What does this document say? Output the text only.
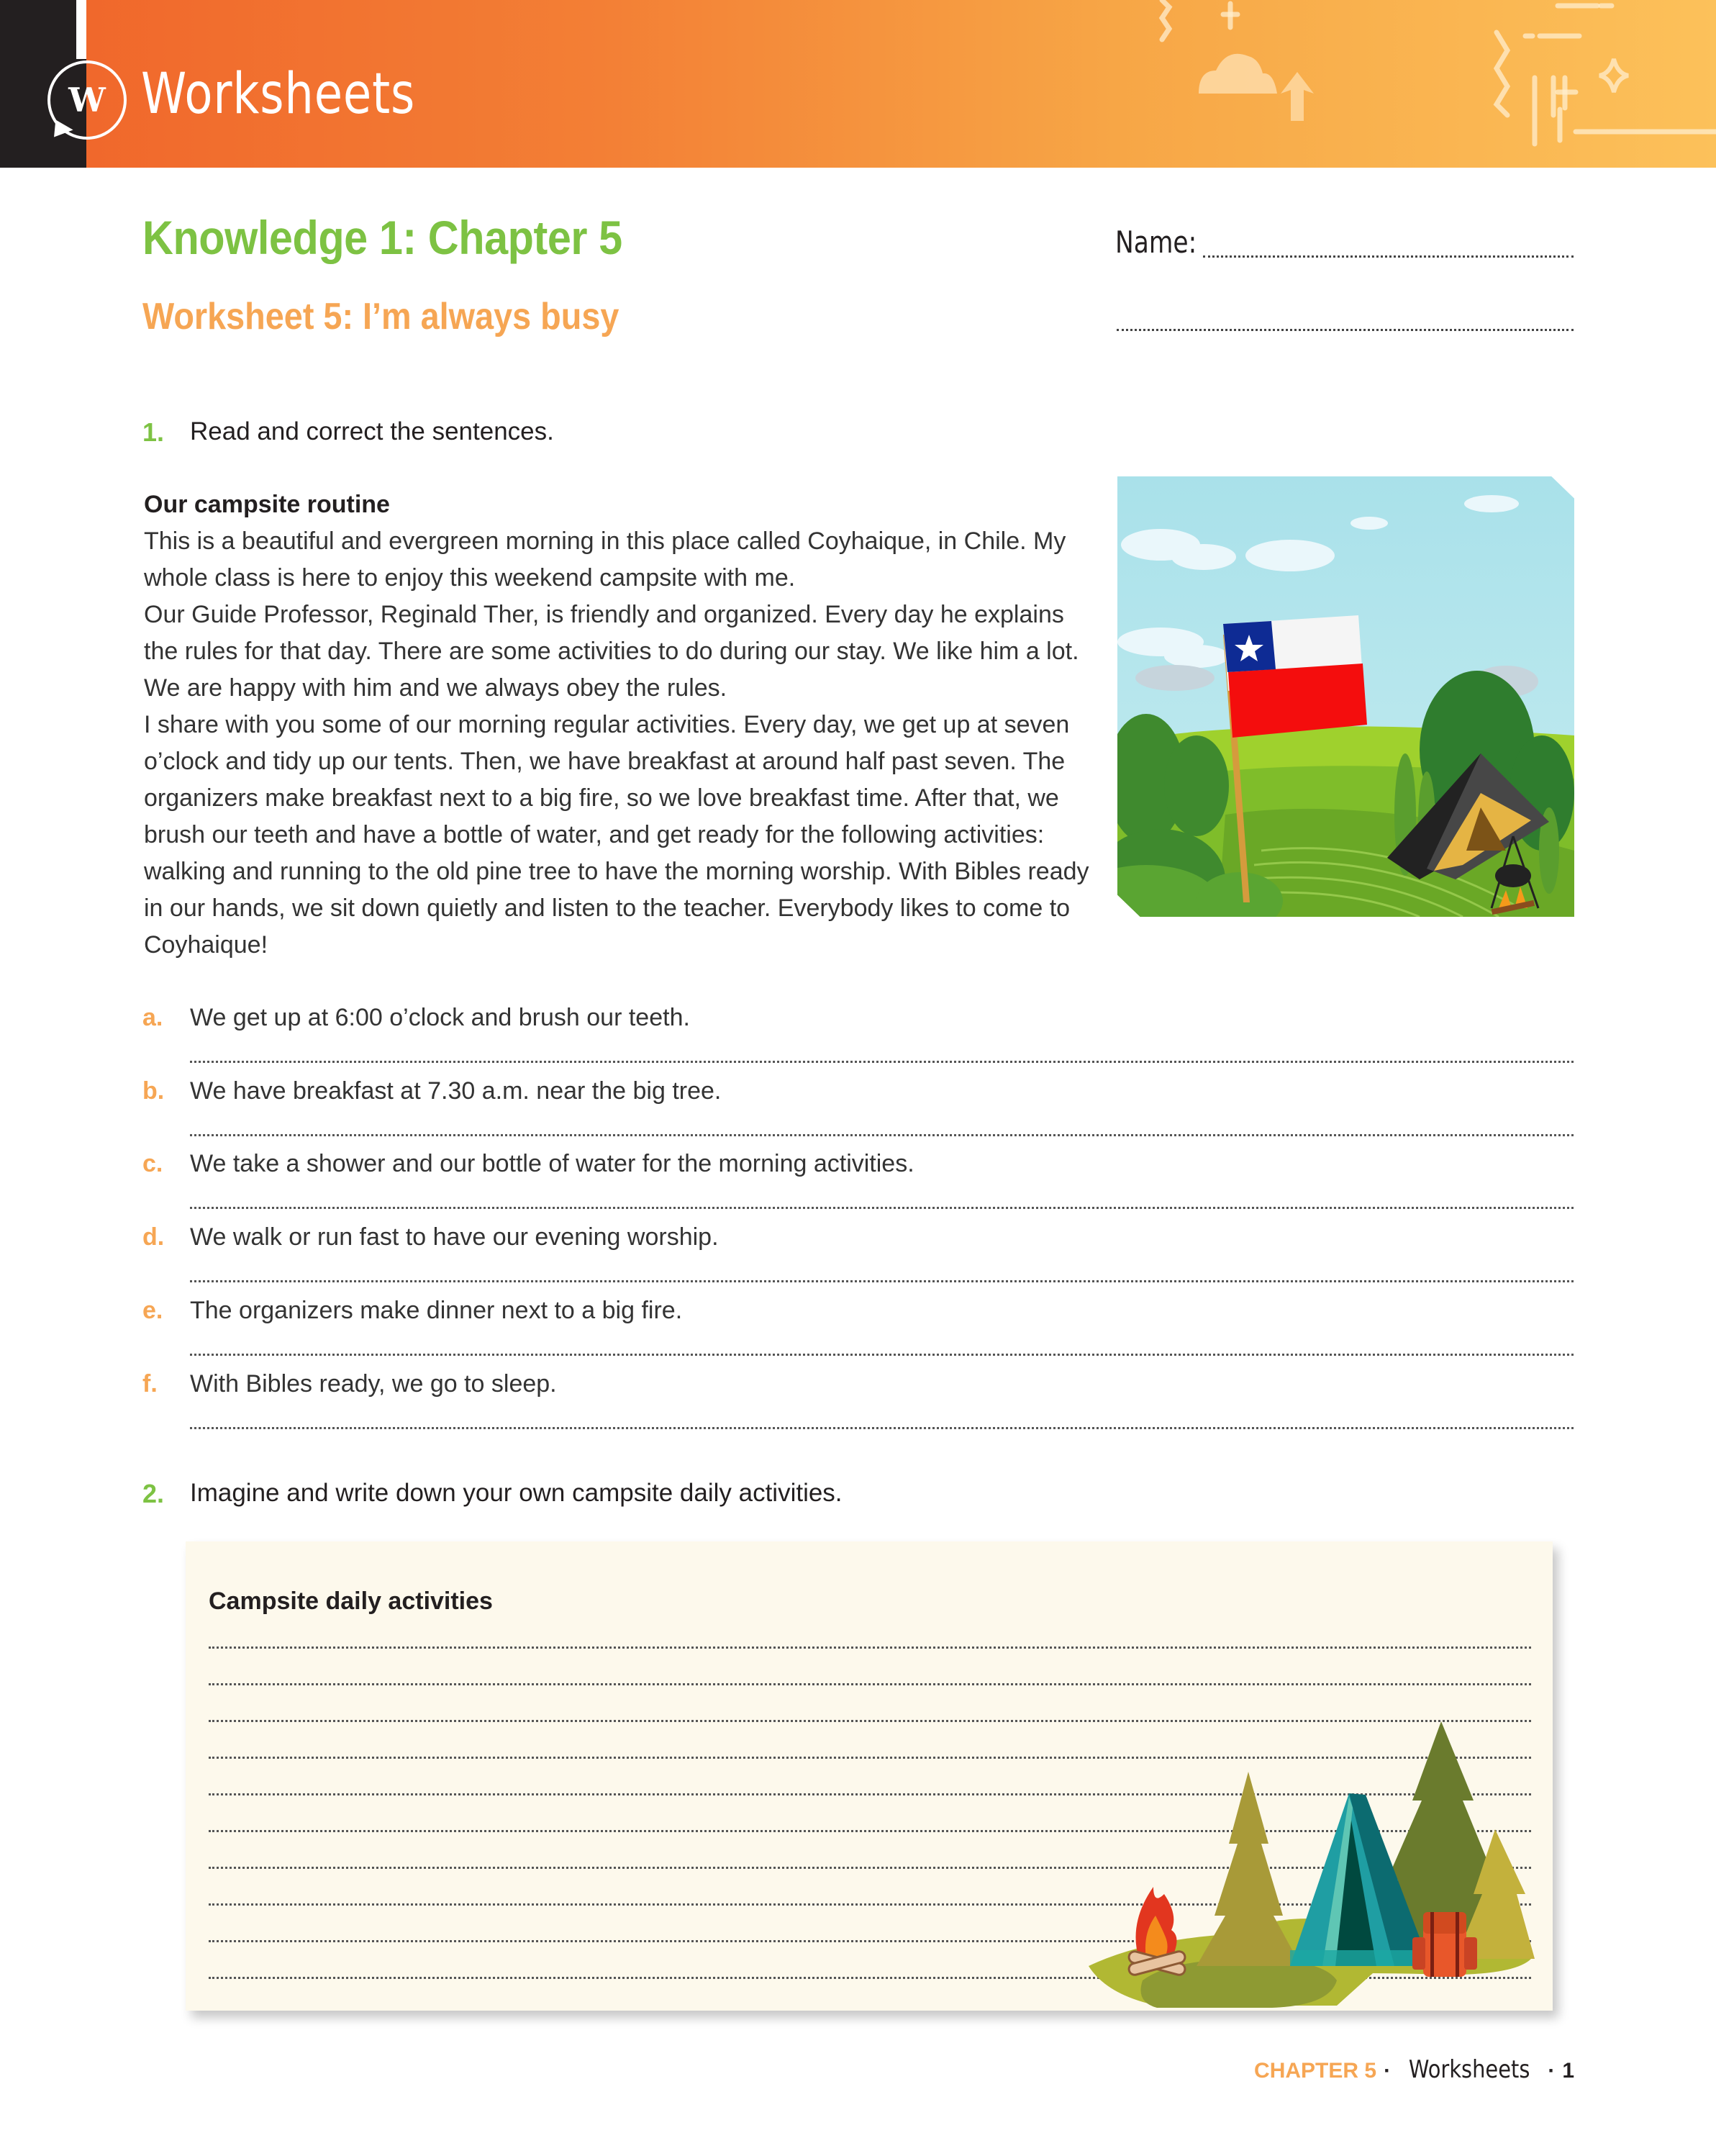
W Worksheets
Knowledge 1: Chapter 5
Worksheet 5: I’m always busy
Name:
1. Read and correct the sentences.
Our campsite routine

This is a beautiful and evergreen morning in this place called Coyhaique, in Chile. My whole class is here to enjoy this weekend campsite with me.

Our Guide Professor, Reginald Ther, is friendly and organized. Every day he explains the rules for that day. There are some activities to do during our stay. We like him a lot. We are happy with him and we always obey the rules.

I share with you some of our morning regular activities. Every day, we get up at seven o’clock and tidy up our tents. Then, we have breakfast at around half past seven. The organizers make breakfast next to a big fire, so we love breakfast time. After that, we brush our teeth and have a bottle of water, and get ready for the following activities: walking and running to the old pine tree to have the morning worship. With Bibles ready in our hands, we sit down quietly and listen to the teacher. Everybody likes to come to Coyhaique!

a. We get up at 6:00 o’clock and brush our teeth.
b. We have breakfast at 7.30 a.m. near the big tree.
c. We take a shower and our bottle of water for the morning activities.
d. We walk or run fast to have our evening worship.
e. The organizers make dinner next to a big fire.
f. With Bibles ready, we go to sleep.
2. Imagine and write down your own campsite daily activities.
Campsite daily activities
CHAPTER 5 · Worksheets · 1
